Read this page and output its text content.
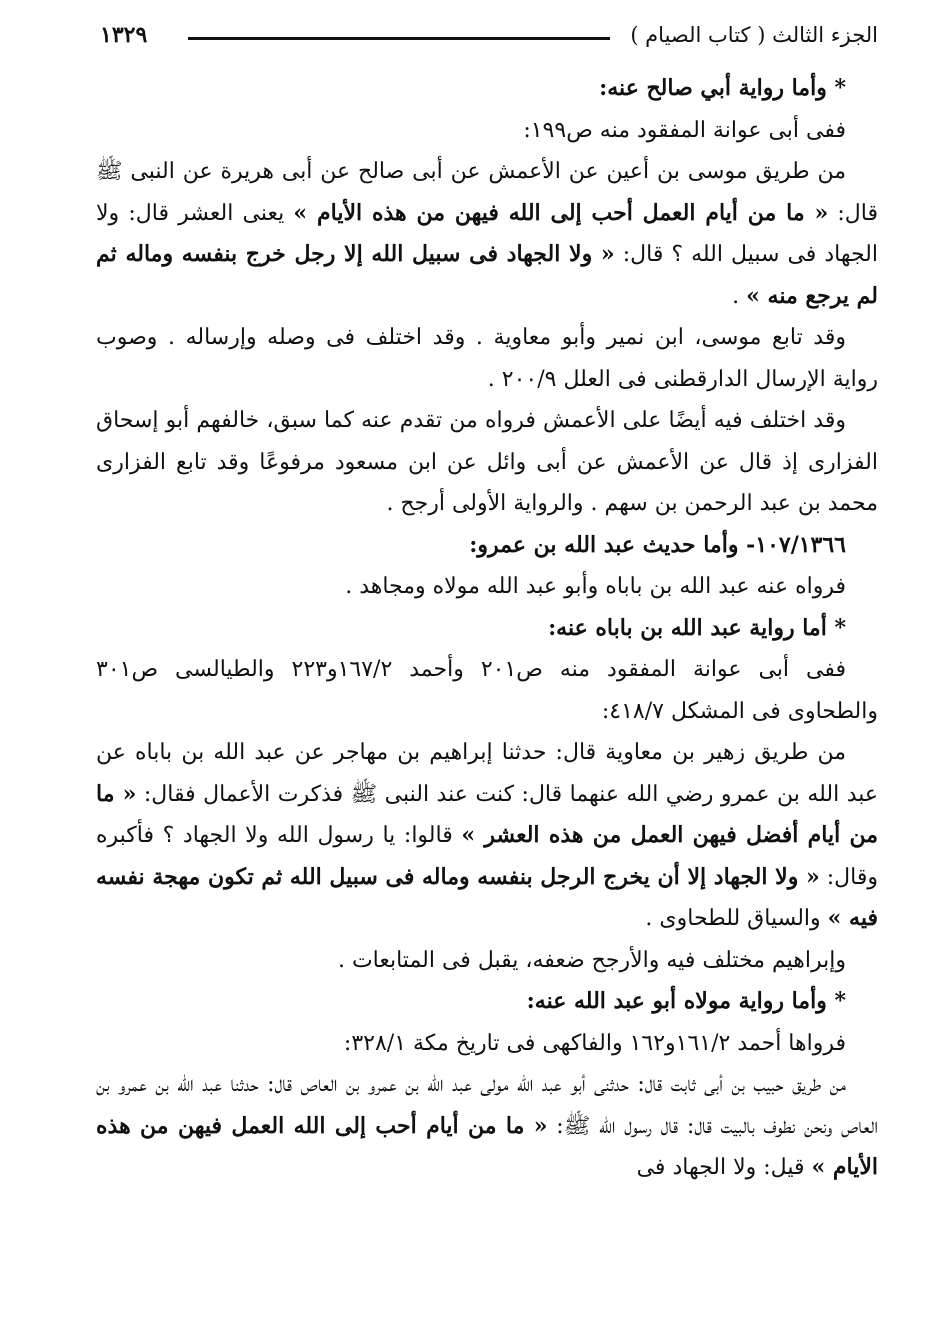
الجزء الثالث ( كتاب الصيام )
١٣٢٩

* وأما رواية أبي صالح عنه:

ففى أبى عوانة المفقود منه ص١٩٩:

من طريق موسى بن أعين عن الأعمش عن أبى صالح عن أبى هريرة عن النبى ﷺ قال: « ما من أيام العمل أحب إلى الله فيهن من هذه الأيام » يعنى العشر قال: ولا الجهاد فى سبيل الله ؟ قال: « ولا الجهاد فى سبيل الله إلا رجل خرج بنفسه وماله ثم لم يرجع منه » .

وقد تابع موسى، ابن نمير وأبو معاوية . وقد اختلف فى وصله وإرساله . وصوب رواية الإرسال الدارقطنى فى العلل ٢٠٠/٩ .

وقد اختلف فيه أيضًا على الأعمش فرواه من تقدم عنه كما سبق، خالفهم أبو إسحاق الفزارى إذ قال عن الأعمش عن أبى وائل عن ابن مسعود مرفوعًا وقد تابع الفزارى محمد بن عبد الرحمن بن سهم . والرواية الأولى أرجح .

١٠٧/١٣٦٦- وأما حديث عبد الله بن عمرو:

فرواه عنه عبد الله بن باباه وأبو عبد الله مولاه ومجاهد .

* أما رواية عبد الله بن باباه عنه:

ففى أبى عوانة المفقود منه ص٢٠١ وأحمد ١٦٧/٢و٢٢٣ والطيالسى ص٣٠١ والطحاوى فى المشكل ٤١٨/٧:

من طريق زهير بن معاوية قال: حدثنا إبراهيم بن مهاجر عن عبد الله بن باباه عن عبد الله بن عمرو رضي الله عنهما قال: كنت عند النبى ﷺ فذكرت الأعمال فقال: « ما من أيام أفضل فيهن العمل من هذه العشر » قالوا: يا رسول الله ولا الجهاد ؟ فأكبره وقال: « ولا الجهاد إلا أن يخرج الرجل بنفسه وماله فى سبيل الله ثم تكون مهجة نفسه فيه » والسياق للطحاوى .

وإبراهيم مختلف فيه والأرجح ضعفه، يقبل فى المتابعات .

* وأما رواية مولاه أبو عبد الله عنه:

فرواها أحمد ١٦١/٢و١٦٢ والفاكهى فى تاريخ مكة ٣٢٨/١:

من طريق حبيب بن أبى ثابت قال: حدثنى أبو عبد الله مولى عبد الله بن عمرو بن العاص قال: حدثنا عبد الله بن عمرو بن العاص ونحن نطوف بالبيت قال: قال رسول الله ﷺ: « ما من أيام أحب إلى الله العمل فيهن من هذه الأيام » قيل: ولا الجهاد فى
